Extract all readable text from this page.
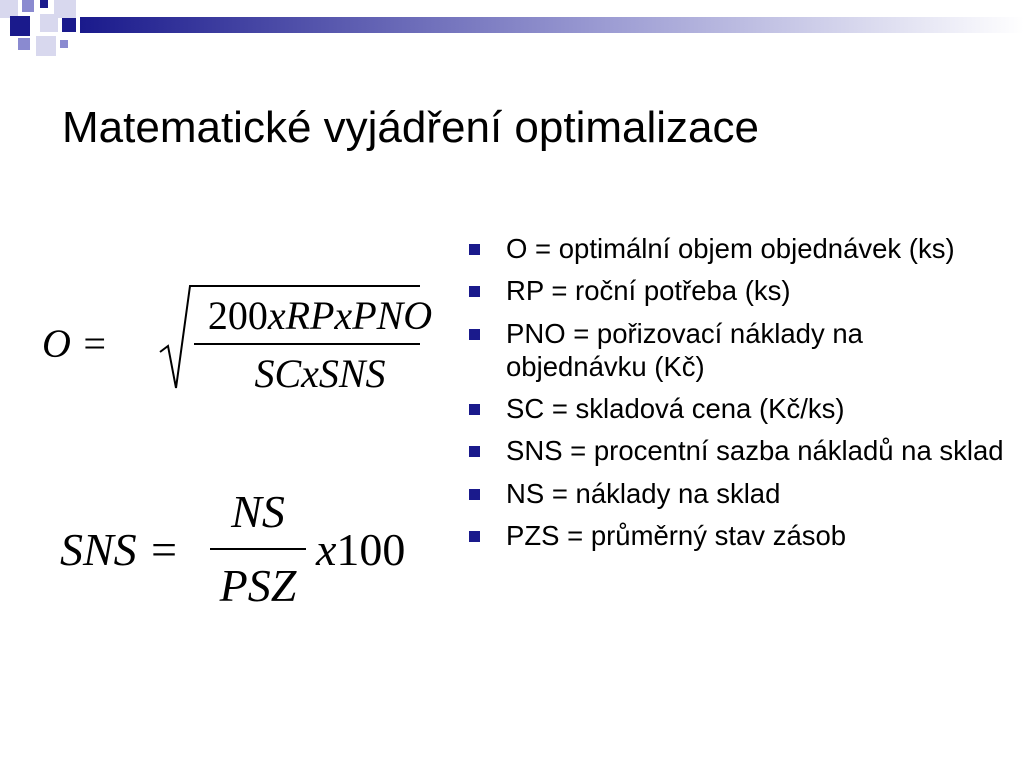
Matematické vyjádření optimalizace
O =
200xRPxPNO
SCxSNS
SNS =
NS
PSZ
x100
O = optimální objem objednávek (ks)
RP = roční potřeba (ks)
PNO = pořizovací náklady na objednávku (Kč)
SC = skladová cena (Kč/ks)
SNS = procentní sazba nákladů na sklad
NS = náklady na sklad
PZS = průměrný stav zásob
